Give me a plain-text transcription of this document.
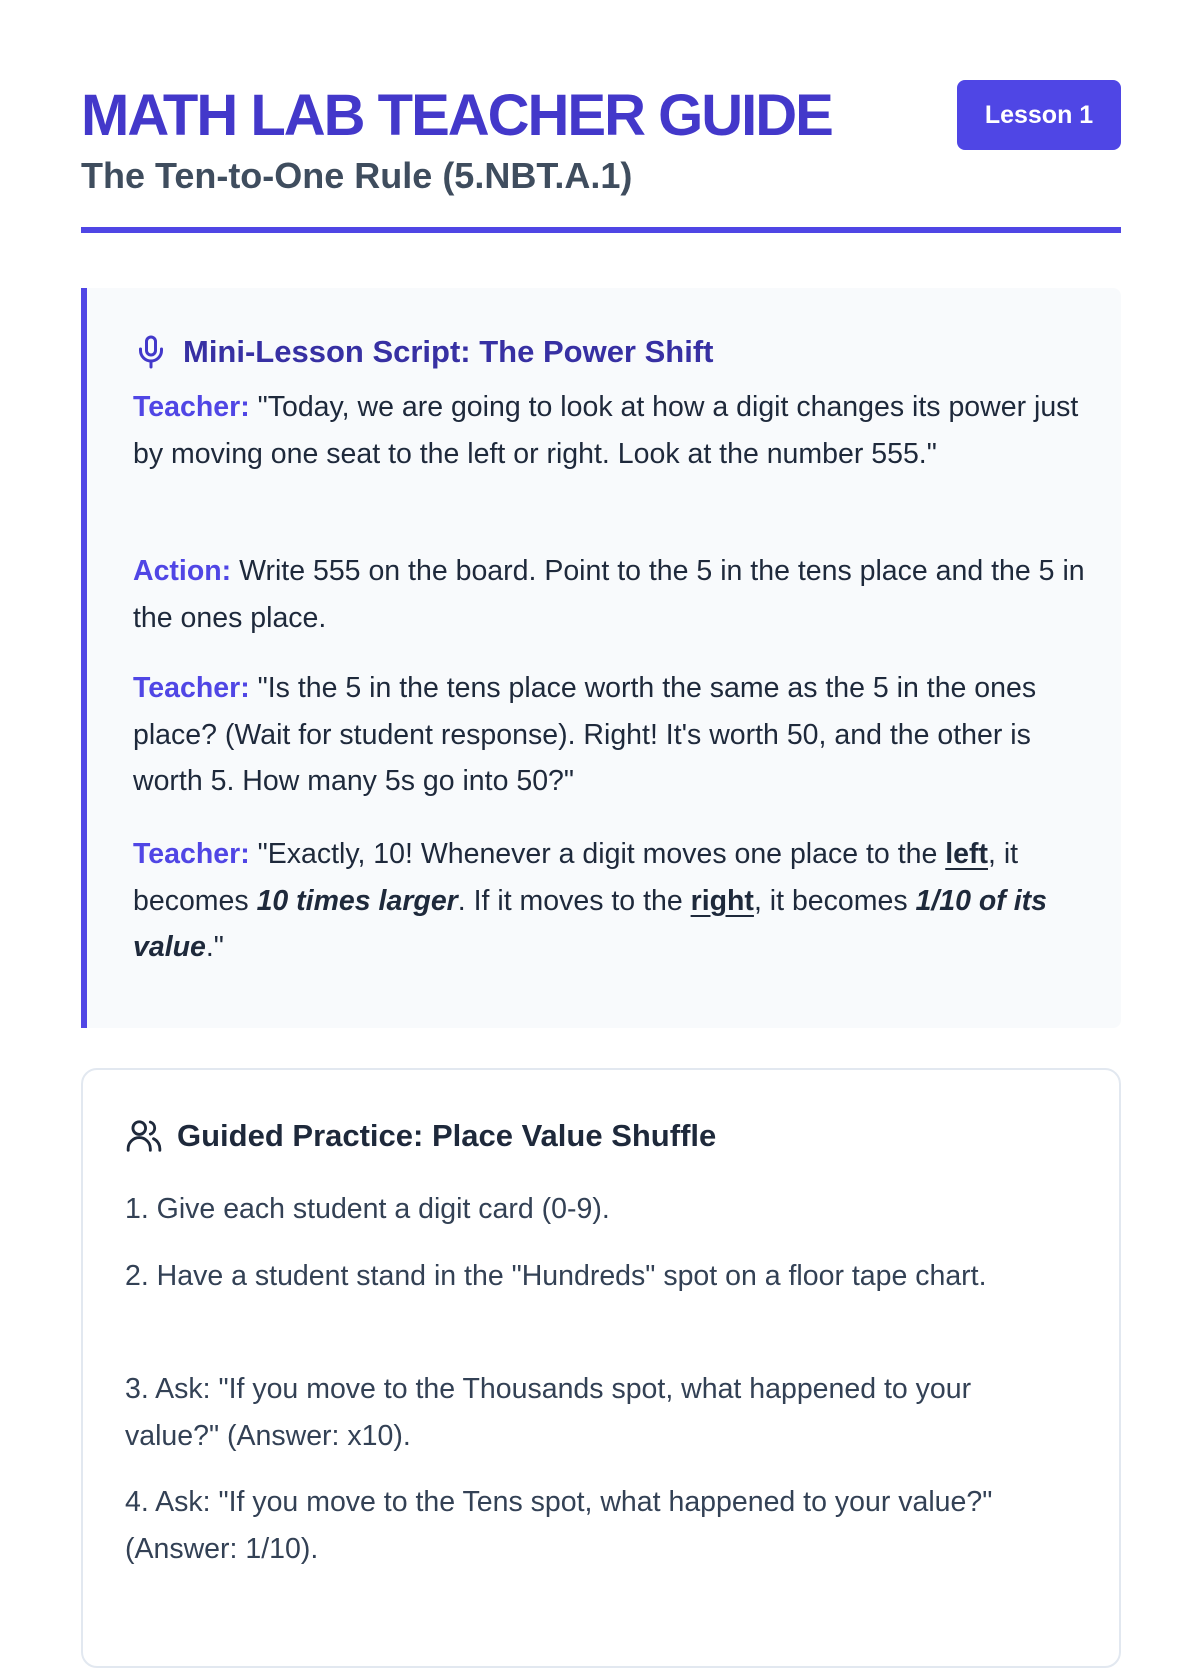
MATH LAB TEACHER GUIDE

The Ten-to-One Rule (5.NBT.A.1)

Lesson 1
Mini-Lesson Script: The Power Shift

Teacher: "Today, we are going to look at how a digit changes its power just by moving one seat to the left or right. Look at the number 555."

Action: Write 555 on the board. Point to the 5 in the tens place and the 5 in the ones place.

Teacher: "Is the 5 in the tens place worth the same as the 5 in the ones place? (Wait for student response). Right! It's worth 50, and the other is worth 5. How many 5s go into 50?"

Teacher: "Exactly, 10! Whenever a digit moves one place to the left, it becomes 10 times larger. If it moves to the right, it becomes 1/10 of its value."

Guided Practice: Place Value Shuffle

1. Give each student a digit card (0-9).

2. Have a student stand in the "Hundreds" spot on a floor tape chart.

3. Ask: "If you move to the Thousands spot, what happened to your value?" (Answer: x10).

4. Ask: "If you move to the Tens spot, what happened to your value?" (Answer: 1/10).
